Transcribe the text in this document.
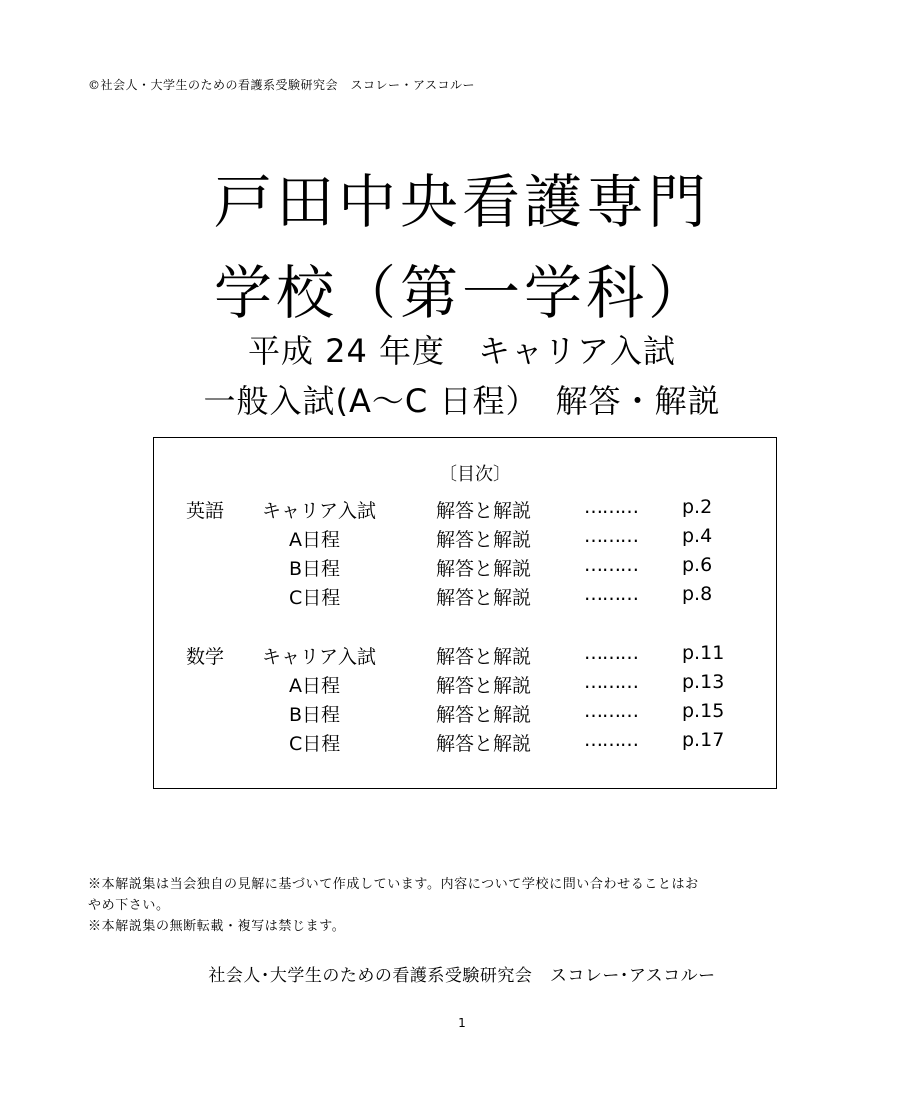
©社会人・大学生のための看護系受験研究会　スコレー・アスコルー
戸田中央看護専門
学校（第一学科）
平成 24 年度　キャリア入試
一般入試(A～C 日程）　解答・解説
〔目次〕
英語 キャリア入試	解答と解説	……… p.2
A日程	解答と解説	……… p.4
B日程	解答と解説	……… p.6
C日程	解答と解説	……… p.8
数学 キャリア入試	解答と解説	……… p.11
A日程	解答と解説	……… p.13
B日程	解答と解説	……… p.15
C日程	解答と解説	……… p.17
※本解説集は当会独自の見解に基づいて作成しています。内容について学校に問い合わせることはお
やめ下さい。
※本解説集の無断転載・複写は禁じます。
社会人･大学生のための看護系受験研究会　スコレー･アスコルー
1
